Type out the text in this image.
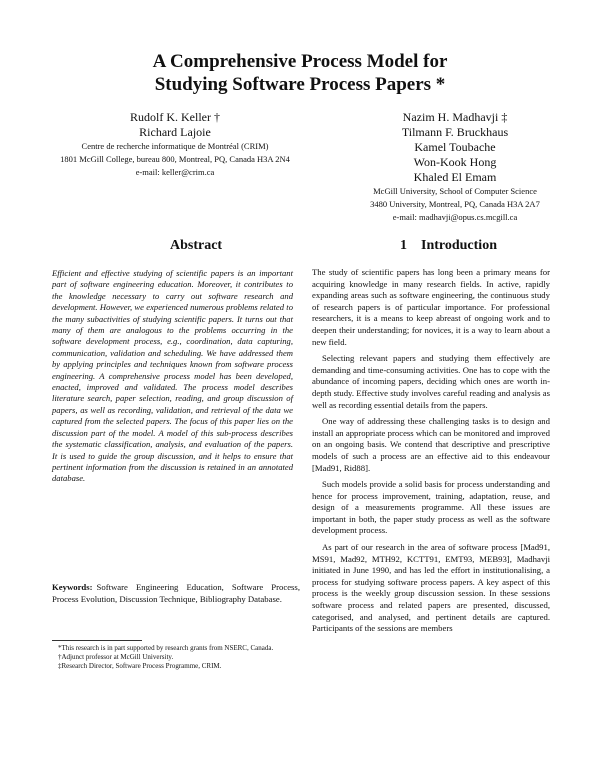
A Comprehensive Process Model for
Studying Software Process Papers *
Rudolf K. Keller †
Richard Lajoie
Centre de recherche informatique de Montréal (CRIM)
1801 McGill College, bureau 800, Montreal, PQ, Canada H3A 2N4
e-mail: keller@crim.ca
Nazim H. Madhavji ‡
Tilmann F. Bruckhaus
Kamel Toubache
Won-Kook Hong
Khaled El Emam
McGill University, School of Computer Science
3480 University, Montreal, PQ, Canada H3A 2A7
e-mail: madhavji@opus.cs.mcgill.ca
Abstract	1 Introduction
Efficient and effective studying of scientific papers is an important part of software engineering education. Moreover, it contributes to the knowledge necessary to carry out software research and development. However, we experienced numerous problems related to the many subactivities of studying scientific papers. It turns out that many of them are analogous to the problems occurring in the software development process, e.g., coordination, data capturing, communication, validation and scheduling. We have addressed them by applying principles and techniques known from software process engineering. A comprehensive process model has been developed, enacted, improved and validated. The process model describes literature search, paper selection, reading, and group discussion of papers, as well as recording, validation, and retrieval of the data we captured from the selected papers. The focus of this paper lies on the discussion part of the model. A model of this sub-process describes the systematic classification, analysis, and evaluation of the papers. It is used to guide the group discussion, and it helps to ensure that pertinent information from the discussion is retained in an annotated database.
Keywords: Software Engineering Education, Software Process, Process Evolution, Discussion Technique, Bibliography Database.
*This research is in part supported by research grants from NSERC, Canada.
†Adjunct professor at McGill University.
‡Research Director, Software Process Programme, CRIM.

The study of scientific papers has long been a primary means for acquiring knowledge in many research fields. In active, rapidly expanding areas such as software engineering, the continuous study of research papers is of particular importance. For professional researchers, it is a means to keep abreast of ongoing work and to deepen their understanding; for novices, it is a way to learn about a new field.

Selecting relevant papers and studying them effectively are demanding and time-consuming activities. One has to cope with the abundance of incoming papers, deciding which ones are worth in-depth study. Effective study involves careful reading and analysis as well as recording essential details from the papers.

One way of addressing these challenging tasks is to design and install an appropriate process which can be monitored and improved on an ongoing basis. We contend that descriptive and prescriptive models of such a process are an effective aid to this endeavour [Mad91, Rid88].

Such models provide a solid basis for process understanding and hence for process improvement, training, adaptation, reuse, and design of a measurements programme. All these issues are important in both, the paper study process as well as the software development process.

As part of our research in the area of software process [Mad91, MS91, Mad92, MTH92, KCTT91, EMT93, MEB93], Madhavji initiated in June 1990, and has led the effort in institutionalising, a process for studying software process papers. A key aspect of this process is the weekly group discussion session. In these sessions software process and related papers are presented, discussed, categorised, and analysed, and pertinent details are captured. Participants of the sessions are members
